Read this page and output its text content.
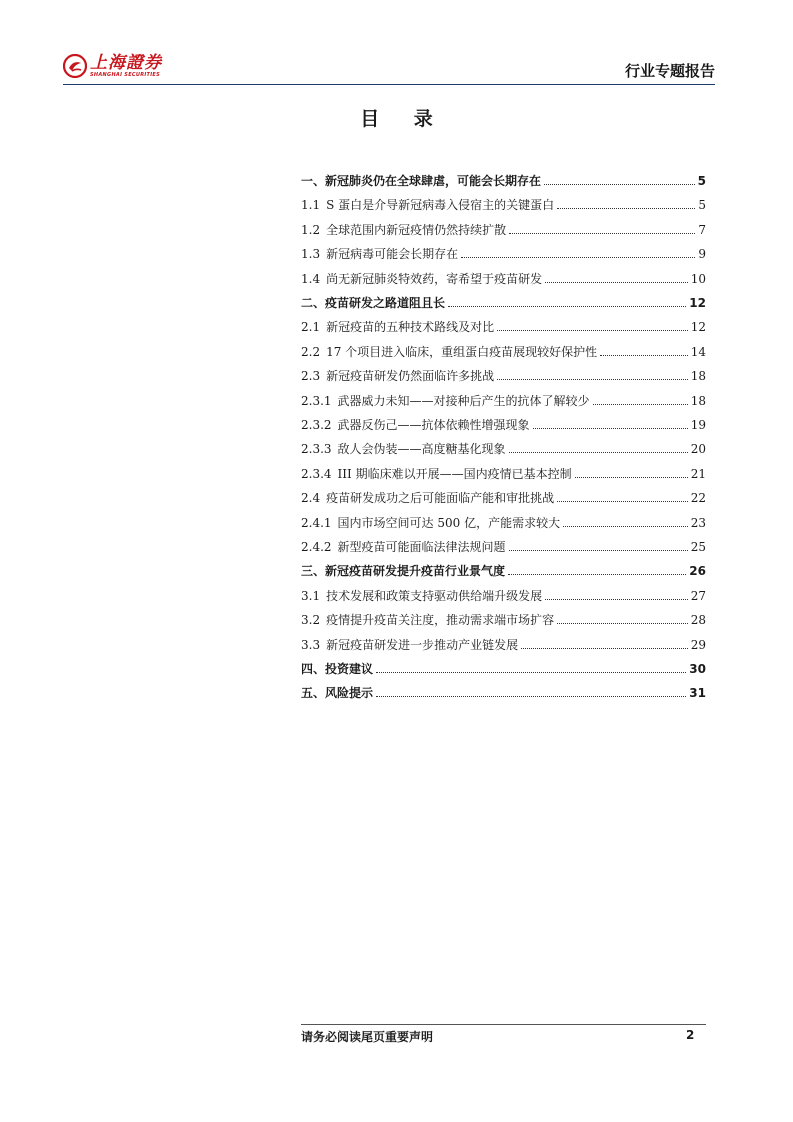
上海證券
SHANGHAI SECURITIES	行业专题报告
目 录
一、 新冠肺炎仍在全球肆虐，可能会长期存在	5
1.1 S 蛋白是介导新冠病毒入侵宿主的关键蛋白	5
1.2 全球范围内新冠疫情仍然持续扩散	7
1.3 新冠病毒可能会长期存在	9
1.4 尚无新冠肺炎特效药，寄希望于疫苗研发	10
二、 疫苗研发之路道阻且长	12
2.1 新冠疫苗的五种技术路线及对比	12
2.2 17 个项目进入临床，重组蛋白疫苗展现较好保护性	14
2.3 新冠疫苗研发仍然面临许多挑战	18
2.3.1 武器威力未知——对接种后产生的抗体了解较少	18
2.3.2 武器反伤己——抗体依赖性增强现象	19
2.3.3 敌人会伪装——高度糖基化现象	20
2.3.4 III 期临床难以开展——国内疫情已基本控制	21
2.4 疫苗研发成功之后可能面临产能和审批挑战	22
2.4.1 国内市场空间可达 500 亿，产能需求较大	23
2.4.2 新型疫苗可能面临法律法规问题	25
三、 新冠疫苗研发提升疫苗行业景气度	26
3.1 技术发展和政策支持驱动供给端升级发展	27
3.2 疫情提升疫苗关注度，推动需求端市场扩容	28
3.3 新冠疫苗研发进一步推动产业链发展	29
四、 投资建议	30
五、 风险提示	31
请务必阅读尾页重要声明	2
